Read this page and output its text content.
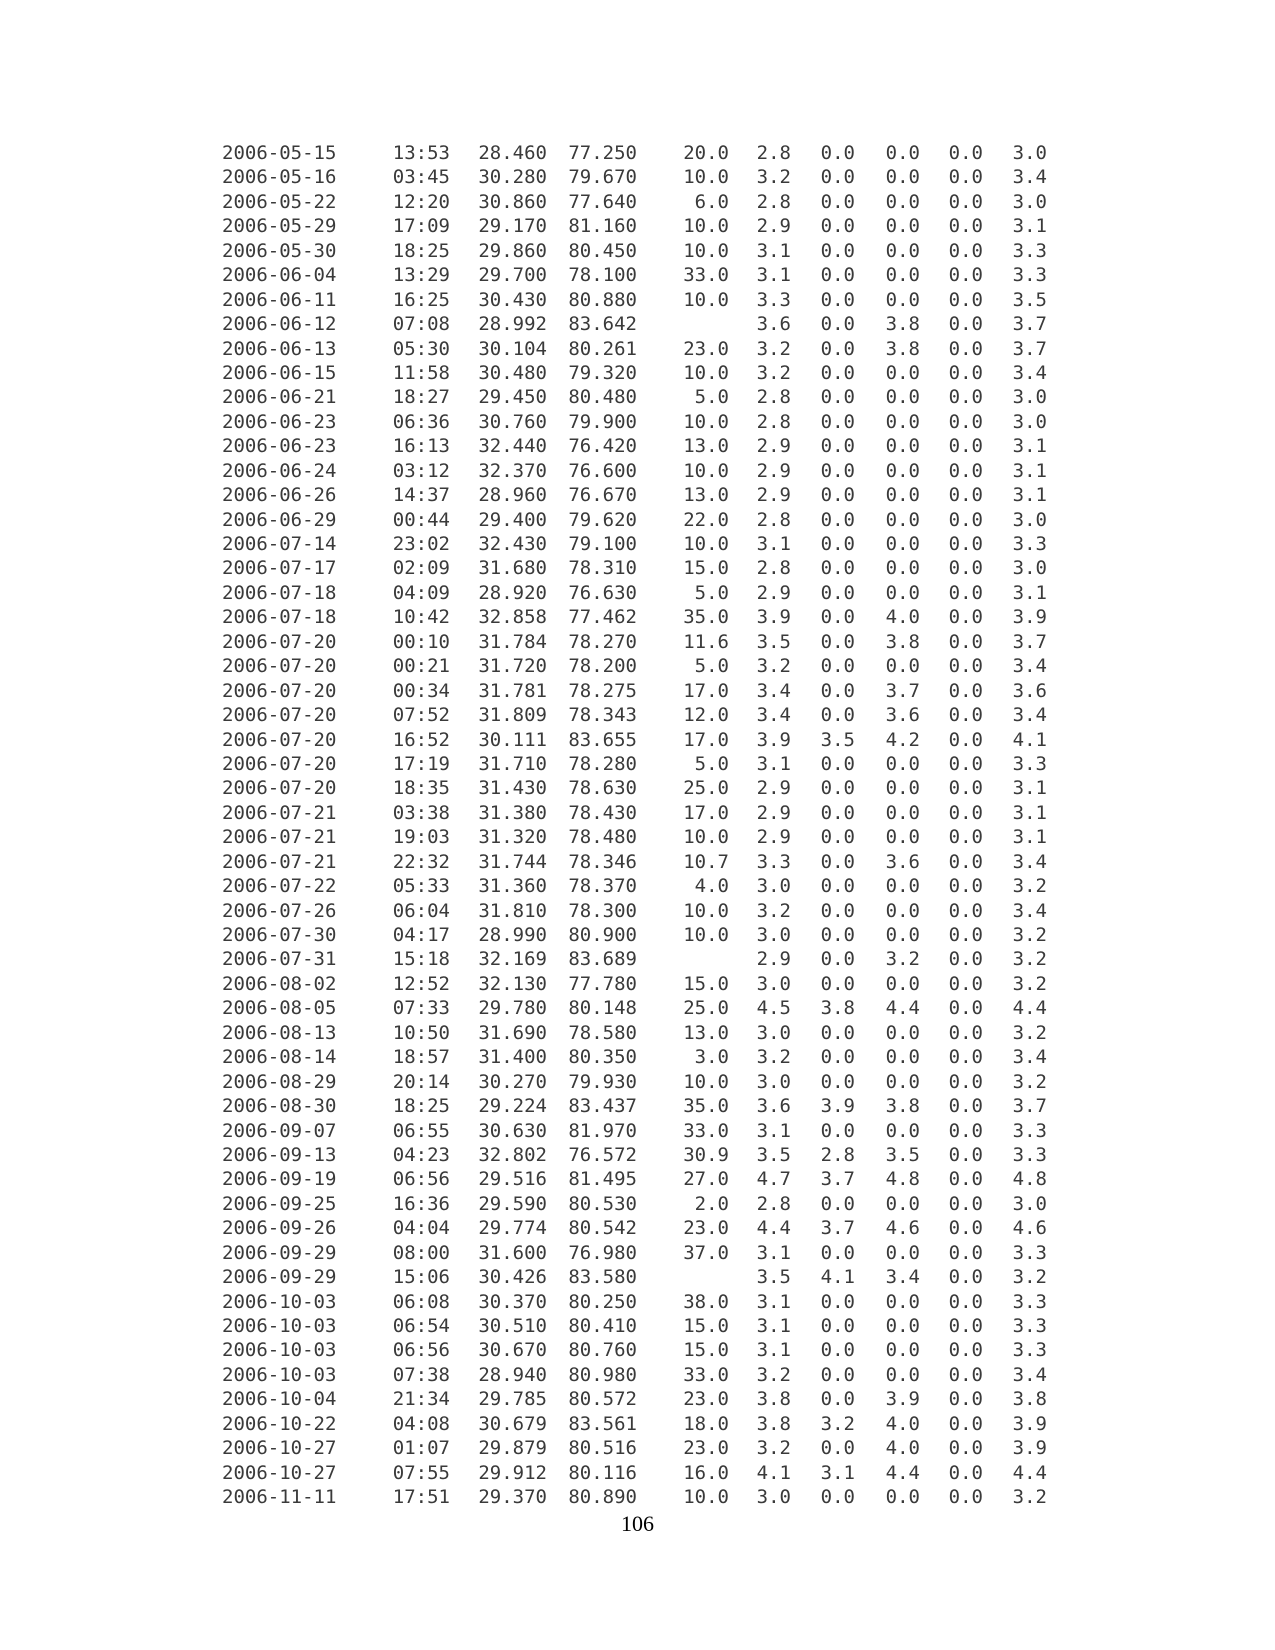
2006-05-15	13:53	28.460	77.250	20.0	2.8	0.0	0.0	0.0	3.0
2006-05-16	03:45	30.280	79.670	10.0	3.2	0.0	0.0	0.0	3.4
2006-05-22	12:20	30.860	77.640	6.0	2.8	0.0	0.0	0.0	3.0
2006-05-29	17:09	29.170	81.160	10.0	2.9	0.0	0.0	0.0	3.1
2006-05-30	18:25	29.860	80.450	10.0	3.1	0.0	0.0	0.0	3.3
2006-06-04	13:29	29.700	78.100	33.0	3.1	0.0	0.0	0.0	3.3
2006-06-11	16:25	30.430	80.880	10.0	3.3	0.0	0.0	0.0	3.5
2006-06-12	07:08	28.992	83.642		3.6	0.0	3.8	0.0	3.7
2006-06-13	05:30	30.104	80.261	23.0	3.2	0.0	3.8	0.0	3.7
2006-06-15	11:58	30.480	79.320	10.0	3.2	0.0	0.0	0.0	3.4
2006-06-21	18:27	29.450	80.480	5.0	2.8	0.0	0.0	0.0	3.0
2006-06-23	06:36	30.760	79.900	10.0	2.8	0.0	0.0	0.0	3.0
2006-06-23	16:13	32.440	76.420	13.0	2.9	0.0	0.0	0.0	3.1
2006-06-24	03:12	32.370	76.600	10.0	2.9	0.0	0.0	0.0	3.1
2006-06-26	14:37	28.960	76.670	13.0	2.9	0.0	0.0	0.0	3.1
2006-06-29	00:44	29.400	79.620	22.0	2.8	0.0	0.0	0.0	3.0
2006-07-14	23:02	32.430	79.100	10.0	3.1	0.0	0.0	0.0	3.3
2006-07-17	02:09	31.680	78.310	15.0	2.8	0.0	0.0	0.0	3.0
2006-07-18	04:09	28.920	76.630	5.0	2.9	0.0	0.0	0.0	3.1
2006-07-18	10:42	32.858	77.462	35.0	3.9	0.0	4.0	0.0	3.9
2006-07-20	00:10	31.784	78.270	11.6	3.5	0.0	3.8	0.0	3.7
2006-07-20	00:21	31.720	78.200	5.0	3.2	0.0	0.0	0.0	3.4
2006-07-20	00:34	31.781	78.275	17.0	3.4	0.0	3.7	0.0	3.6
2006-07-20	07:52	31.809	78.343	12.0	3.4	0.0	3.6	0.0	3.4
2006-07-20	16:52	30.111	83.655	17.0	3.9	3.5	4.2	0.0	4.1
2006-07-20	17:19	31.710	78.280	5.0	3.1	0.0	0.0	0.0	3.3
2006-07-20	18:35	31.430	78.630	25.0	2.9	0.0	0.0	0.0	3.1
2006-07-21	03:38	31.380	78.430	17.0	2.9	0.0	0.0	0.0	3.1
2006-07-21	19:03	31.320	78.480	10.0	2.9	0.0	0.0	0.0	3.1
2006-07-21	22:32	31.744	78.346	10.7	3.3	0.0	3.6	0.0	3.4
2006-07-22	05:33	31.360	78.370	4.0	3.0	0.0	0.0	0.0	3.2
2006-07-26	06:04	31.810	78.300	10.0	3.2	0.0	0.0	0.0	3.4
2006-07-30	04:17	28.990	80.900	10.0	3.0	0.0	0.0	0.0	3.2
2006-07-31	15:18	32.169	83.689		2.9	0.0	3.2	0.0	3.2
2006-08-02	12:52	32.130	77.780	15.0	3.0	0.0	0.0	0.0	3.2
2006-08-05	07:33	29.780	80.148	25.0	4.5	3.8	4.4	0.0	4.4
2006-08-13	10:50	31.690	78.580	13.0	3.0	0.0	0.0	0.0	3.2
2006-08-14	18:57	31.400	80.350	3.0	3.2	0.0	0.0	0.0	3.4
2006-08-29	20:14	30.270	79.930	10.0	3.0	0.0	0.0	0.0	3.2
2006-08-30	18:25	29.224	83.437	35.0	3.6	3.9	3.8	0.0	3.7
2006-09-07	06:55	30.630	81.970	33.0	3.1	0.0	0.0	0.0	3.3
2006-09-13	04:23	32.802	76.572	30.9	3.5	2.8	3.5	0.0	3.3
2006-09-19	06:56	29.516	81.495	27.0	4.7	3.7	4.8	0.0	4.8
2006-09-25	16:36	29.590	80.530	2.0	2.8	0.0	0.0	0.0	3.0
2006-09-26	04:04	29.774	80.542	23.0	4.4	3.7	4.6	0.0	4.6
2006-09-29	08:00	31.600	76.980	37.0	3.1	0.0	0.0	0.0	3.3
2006-09-29	15:06	30.426	83.580		3.5	4.1	3.4	0.0	3.2
2006-10-03	06:08	30.370	80.250	38.0	3.1	0.0	0.0	0.0	3.3
2006-10-03	06:54	30.510	80.410	15.0	3.1	0.0	0.0	0.0	3.3
2006-10-03	06:56	30.670	80.760	15.0	3.1	0.0	0.0	0.0	3.3
2006-10-03	07:38	28.940	80.980	33.0	3.2	0.0	0.0	0.0	3.4
2006-10-04	21:34	29.785	80.572	23.0	3.8	0.0	3.9	0.0	3.8
2006-10-22	04:08	30.679	83.561	18.0	3.8	3.2	4.0	0.0	3.9
2006-10-27	01:07	29.879	80.516	23.0	3.2	0.0	4.0	0.0	3.9
2006-10-27	07:55	29.912	80.116	16.0	4.1	3.1	4.4	0.0	4.4
2006-11-11	17:51	29.370	80.890	10.0	3.0	0.0	0.0	0.0	3.2
106
